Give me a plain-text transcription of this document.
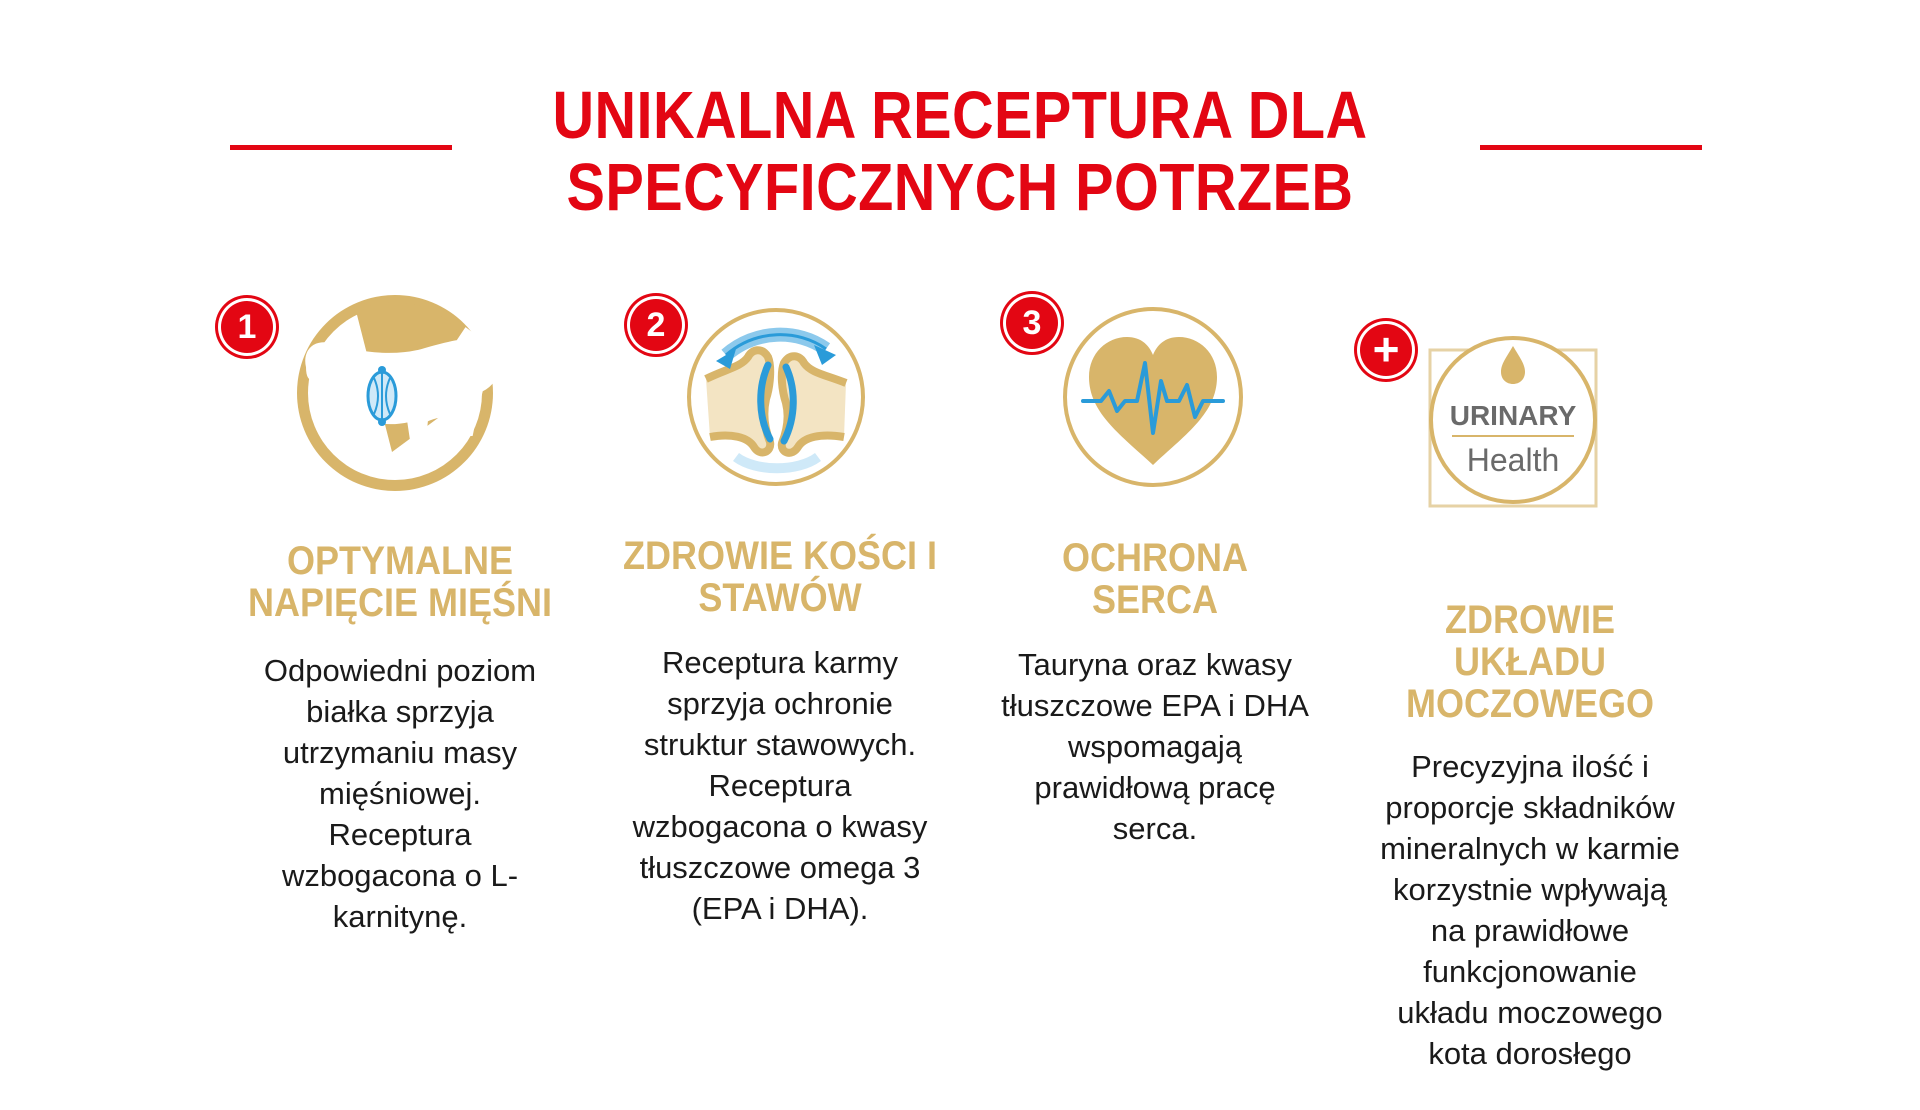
UNIKALNA RECEPTURA DLA
SPECYFICZNYCH POTRZEB
1
OPTYMALNE
NAPIĘCIE MIĘŚNI

Odpowiedni poziom
białka sprzyja
utrzymaniu masy
mięśniowej.
Receptura
wzbogacona o L-
karnitynę.

2
ZDROWIE KOŚCI I
STAWÓW

Receptura karmy
sprzyja ochronie
struktur stawowych.
Receptura
wzbogacona o kwasy
tłuszczowe omega 3
(EPA i DHA).

3
OCHRONA
SERCA

Tauryna oraz kwasy
tłuszczowe EPA i DHA
wspomagają
prawidłową pracę
serca.

+
URINARY
Health
ZDROWIE
UKŁADU
MOCZOWEGO

Precyzyjna ilość i
proporcje składników
mineralnych w karmie
korzystnie wpływają
na prawidłowe
funkcjonowanie
układu moczowego
kota dorosłego
